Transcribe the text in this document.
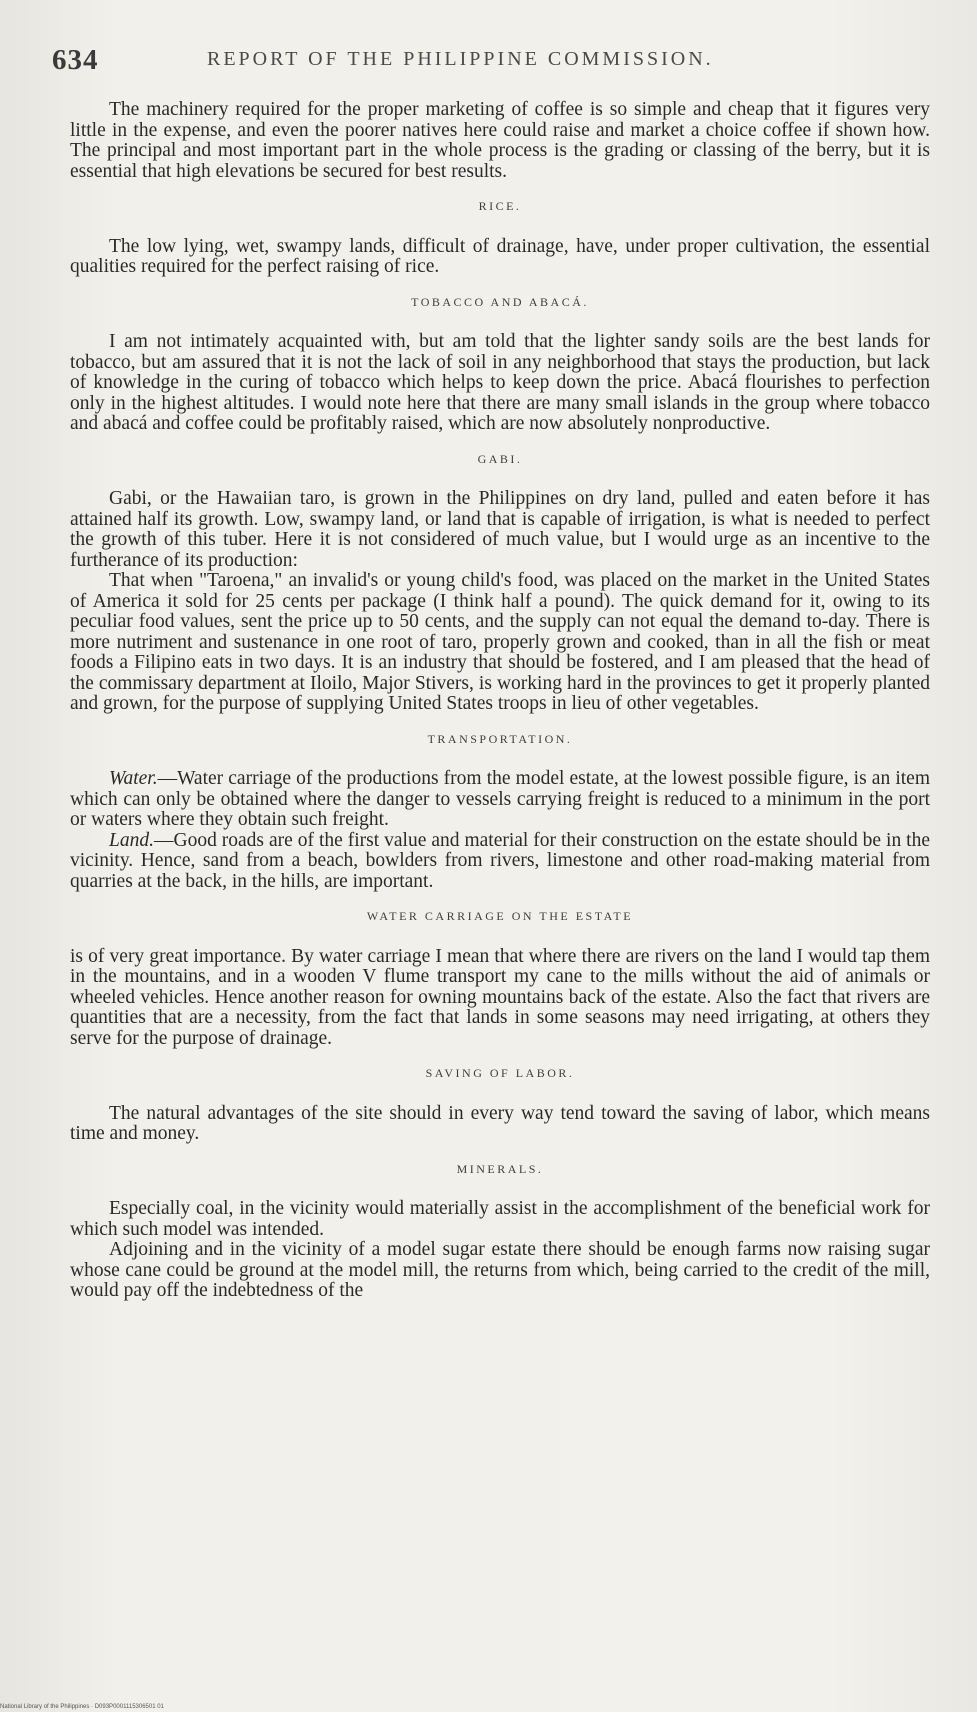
634	REPORT OF THE PHILIPPINE COMMISSION.

The machinery required for the proper marketing of coffee is so simple and cheap that it figures very little in the expense, and even the poorer natives here could raise and market a choice coffee if shown how. The principal and most important part in the whole process is the grading or classing of the berry, but it is essential that high elevations be secured for best results.

RICE.

The low lying, wet, swampy lands, difficult of drainage, have, under proper cultivation, the essential qualities required for the perfect raising of rice.

TOBACCO AND ABACÁ.

I am not intimately acquainted with, but am told that the lighter sandy soils are the best lands for tobacco, but am assured that it is not the lack of soil in any neighborhood that stays the production, but lack of knowledge in the curing of tobacco which helps to keep down the price. Abacá flourishes to perfection only in the highest altitudes. I would note here that there are many small islands in the group where tobacco and abacá and coffee could be profitably raised, which are now absolutely nonproductive.

GABI.

Gabi, or the Hawaiian taro, is grown in the Philippines on dry land, pulled and eaten before it has attained half its growth. Low, swampy land, or land that is capable of irrigation, is what is needed to perfect the growth of this tuber. Here it is not considered of much value, but I would urge as an incentive to the furtherance of its production:

That when "Taroena," an invalid's or young child's food, was placed on the market in the United States of America it sold for 25 cents per package (I think half a pound). The quick demand for it, owing to its peculiar food values, sent the price up to 50 cents, and the supply can not equal the demand to-day. There is more nutriment and sustenance in one root of taro, properly grown and cooked, than in all the fish or meat foods a Filipino eats in two days. It is an industry that should be fostered, and I am pleased that the head of the commissary department at Iloilo, Major Stivers, is working hard in the provinces to get it properly planted and grown, for the purpose of supplying United States troops in lieu of other vegetables.

TRANSPORTATION.

Water.—Water carriage of the productions from the model estate, at the lowest possible figure, is an item which can only be obtained where the danger to vessels carrying freight is reduced to a minimum in the port or waters where they obtain such freight.

Land.—Good roads are of the first value and material for their construction on the estate should be in the vicinity. Hence, sand from a beach, bowlders from rivers, limestone and other road-making material from quarries at the back, in the hills, are important.

WATER CARRIAGE ON THE ESTATE

is of very great importance. By water carriage I mean that where there are rivers on the land I would tap them in the mountains, and in a wooden V flume transport my cane to the mills without the aid of animals or wheeled vehicles. Hence another reason for owning mountains back of the estate. Also the fact that rivers are quantities that are a necessity, from the fact that lands in some seasons may need irrigating, at others they serve for the purpose of drainage.

SAVING OF LABOR.

The natural advantages of the site should in every way tend toward the saving of labor, which means time and money.

MINERALS.

Especially coal, in the vicinity would materially assist in the accomplishment of the beneficial work for which such model was intended.

Adjoining and in the vicinity of a model sugar estate there should be enough farms now raising sugar whose cane could be ground at the model mill, the returns from which, being carried to the credit of the mill, would pay off the indebtedness of the

National Library of the Philippines · D093P0001115306501 01
